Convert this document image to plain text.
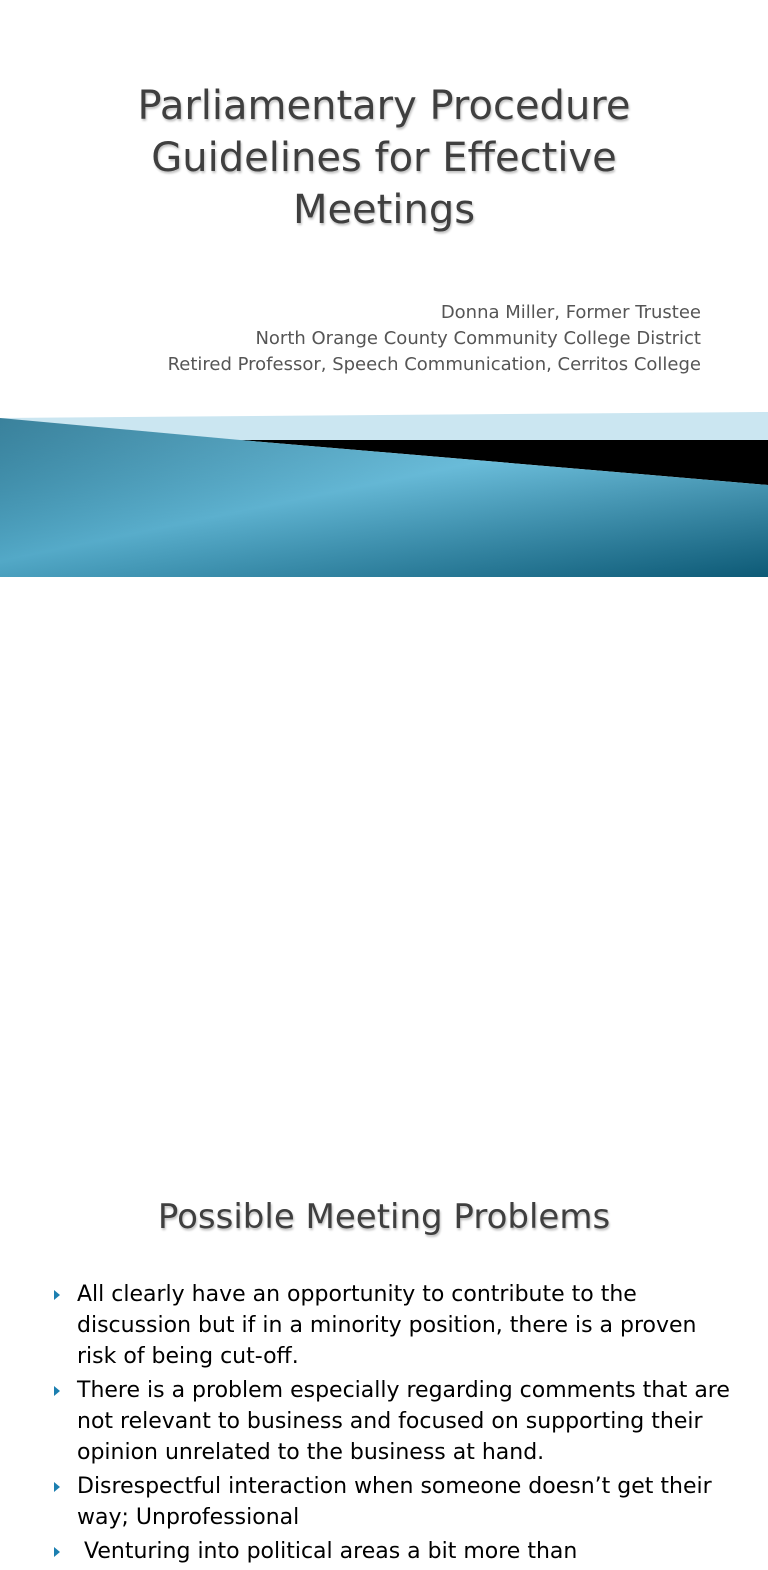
Parliamentary Procedure
Guidelines for Effective
Meetings
Donna Miller, Former Trustee
North Orange County Community College District
Retired Professor, Speech Communication, Cerritos College
Possible Meeting Problems
All clearly have an opportunity to contribute to the discussion but if in a minority position, there is a proven risk of being cut-off.
There is a problem especially regarding comments that are not relevant to business and focused on supporting their opinion unrelated to the business at hand.
Disrespectful interaction when someone doesn’t get their way; Unprofessional
Venturing into political areas a bit more than
